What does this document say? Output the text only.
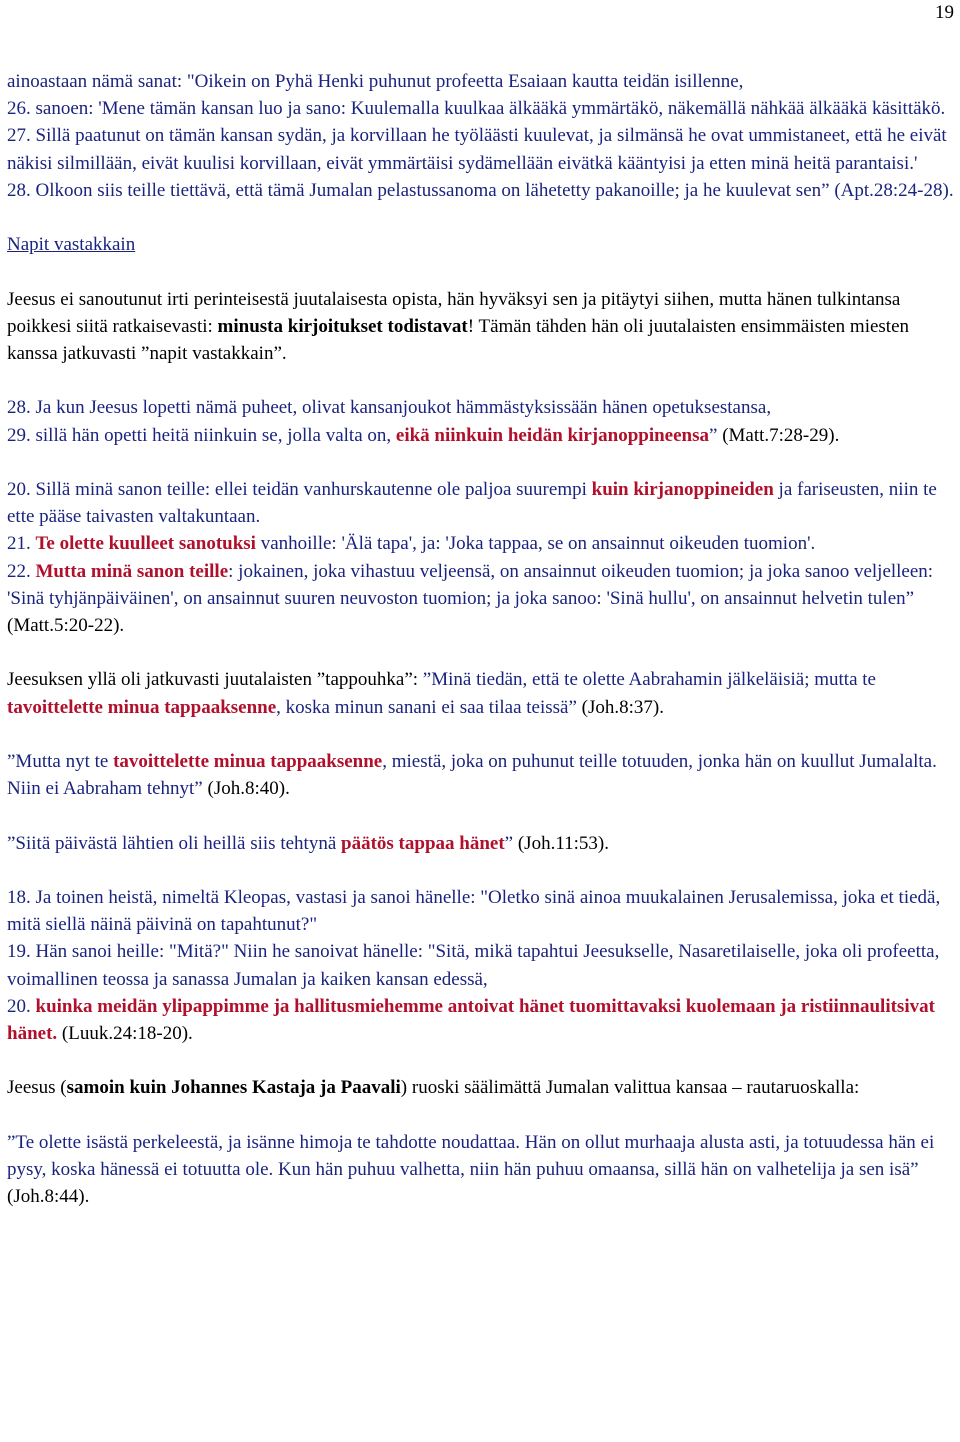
19

ainoastaan nämä sanat: "Oikein on Pyhä Henki puhunut profeetta Esaiaan kautta teidän isillenne,

26. sanoen: 'Mene tämän kansan luo ja sano: Kuulemalla kuulkaa älkääkä ymmärtäkö, näkemällä nähkää älkääkä käsittäkö.

27. Sillä paatunut on tämän kansan sydän, ja korvillaan he työläästi kuulevat, ja silmänsä he ovat ummistaneet, että he eivät näkisi silmillään, eivät kuulisi korvillaan, eivät ymmärtäisi sydämellään eivätkä kääntyisi ja etten minä heitä parantaisi.'

28. Olkoon siis teille tiettävä, että tämä Jumalan pelastussanoma on lähetetty pakanoille; ja he kuulevat sen” (Apt.28:24-28).

Napit vastakkain

Jeesus ei sanoutunut irti perinteisestä juutalaisesta opista, hän hyväksyi sen ja pitäytyi siihen, mutta hänen tulkintansa poikkesi siitä ratkaisevasti: minusta kirjoitukset todistavat! Tämän tähden hän oli juutalaisten ensimmäisten miesten kanssa jatkuvasti ”napit vastakkain”.

28. Ja kun Jeesus lopetti nämä puheet, olivat kansanjoukot hämmästyksissään hänen opetuksestansa,

29. sillä hän opetti heitä niinkuin se, jolla valta on, eikä niinkuin heidän kirjanoppineensa” (Matt.7:28-29).

20. Sillä minä sanon teille: ellei teidän vanhurskautenne ole paljoa suurempi kuin kirjanoppineiden ja fariseusten, niin te ette pääse taivasten valtakuntaan.

21. Te olette kuulleet sanotuksi vanhoille: 'Älä tapa', ja: 'Joka tappaa, se on ansainnut oikeuden tuomion'.

22. Mutta minä sanon teille: jokainen, joka vihastuu veljeensä, on ansainnut oikeuden tuomion; ja joka sanoo veljelleen: 'Sinä tyhjänpäiväinen', on ansainnut suuren neuvoston tuomion; ja joka sanoo: 'Sinä hullu', on ansainnut helvetin tulen” (Matt.5:20-22).

Jeesuksen yllä oli jatkuvasti juutalaisten ”tappouhka”: ”Minä tiedän, että te olette Aabrahamin jälkeläisiä; mutta te tavoittelette minua tappaaksenne, koska minun sanani ei saa tilaa teissä” (Joh.8:37).

”Mutta nyt te tavoittelette minua tappaaksenne, miestä, joka on puhunut teille totuuden, jonka hän on kuullut Jumalalta. Niin ei Aabraham tehnyt” (Joh.8:40).

”Siitä päivästä lähtien oli heillä siis tehtynä päätös tappaa hänet” (Joh.11:53).

18. Ja toinen heistä, nimeltä Kleopas, vastasi ja sanoi hänelle: "Oletko sinä ainoa muukalainen Jerusalemissa, joka et tiedä, mitä siellä näinä päivinä on tapahtunut?"

19. Hän sanoi heille: "Mitä?" Niin he sanoivat hänelle: "Sitä, mikä tapahtui Jeesukselle, Nasaretilaiselle, joka oli profeetta, voimallinen teossa ja sanassa Jumalan ja kaiken kansan edessä,

20. kuinka meidän ylipappimme ja hallitusmiehemme antoivat hänet tuomittavaksi kuolemaan ja ristiinnaulitsivat hänet. (Luuk.24:18-20).

Jeesus (samoin kuin Johannes Kastaja ja Paavali) ruoski säälimättä Jumalan valittua kansaa – rautaruoskalla:

”Te olette isästä perkeleestä, ja isänne himoja te tahdotte noudattaa. Hän on ollut murhaaja alusta asti, ja totuudessa hän ei pysy, koska hänessä ei totuutta ole. Kun hän puhuu valhetta, niin hän puhuu omaansa, sillä hän on valhetelija ja sen isä” (Joh.8:44).
